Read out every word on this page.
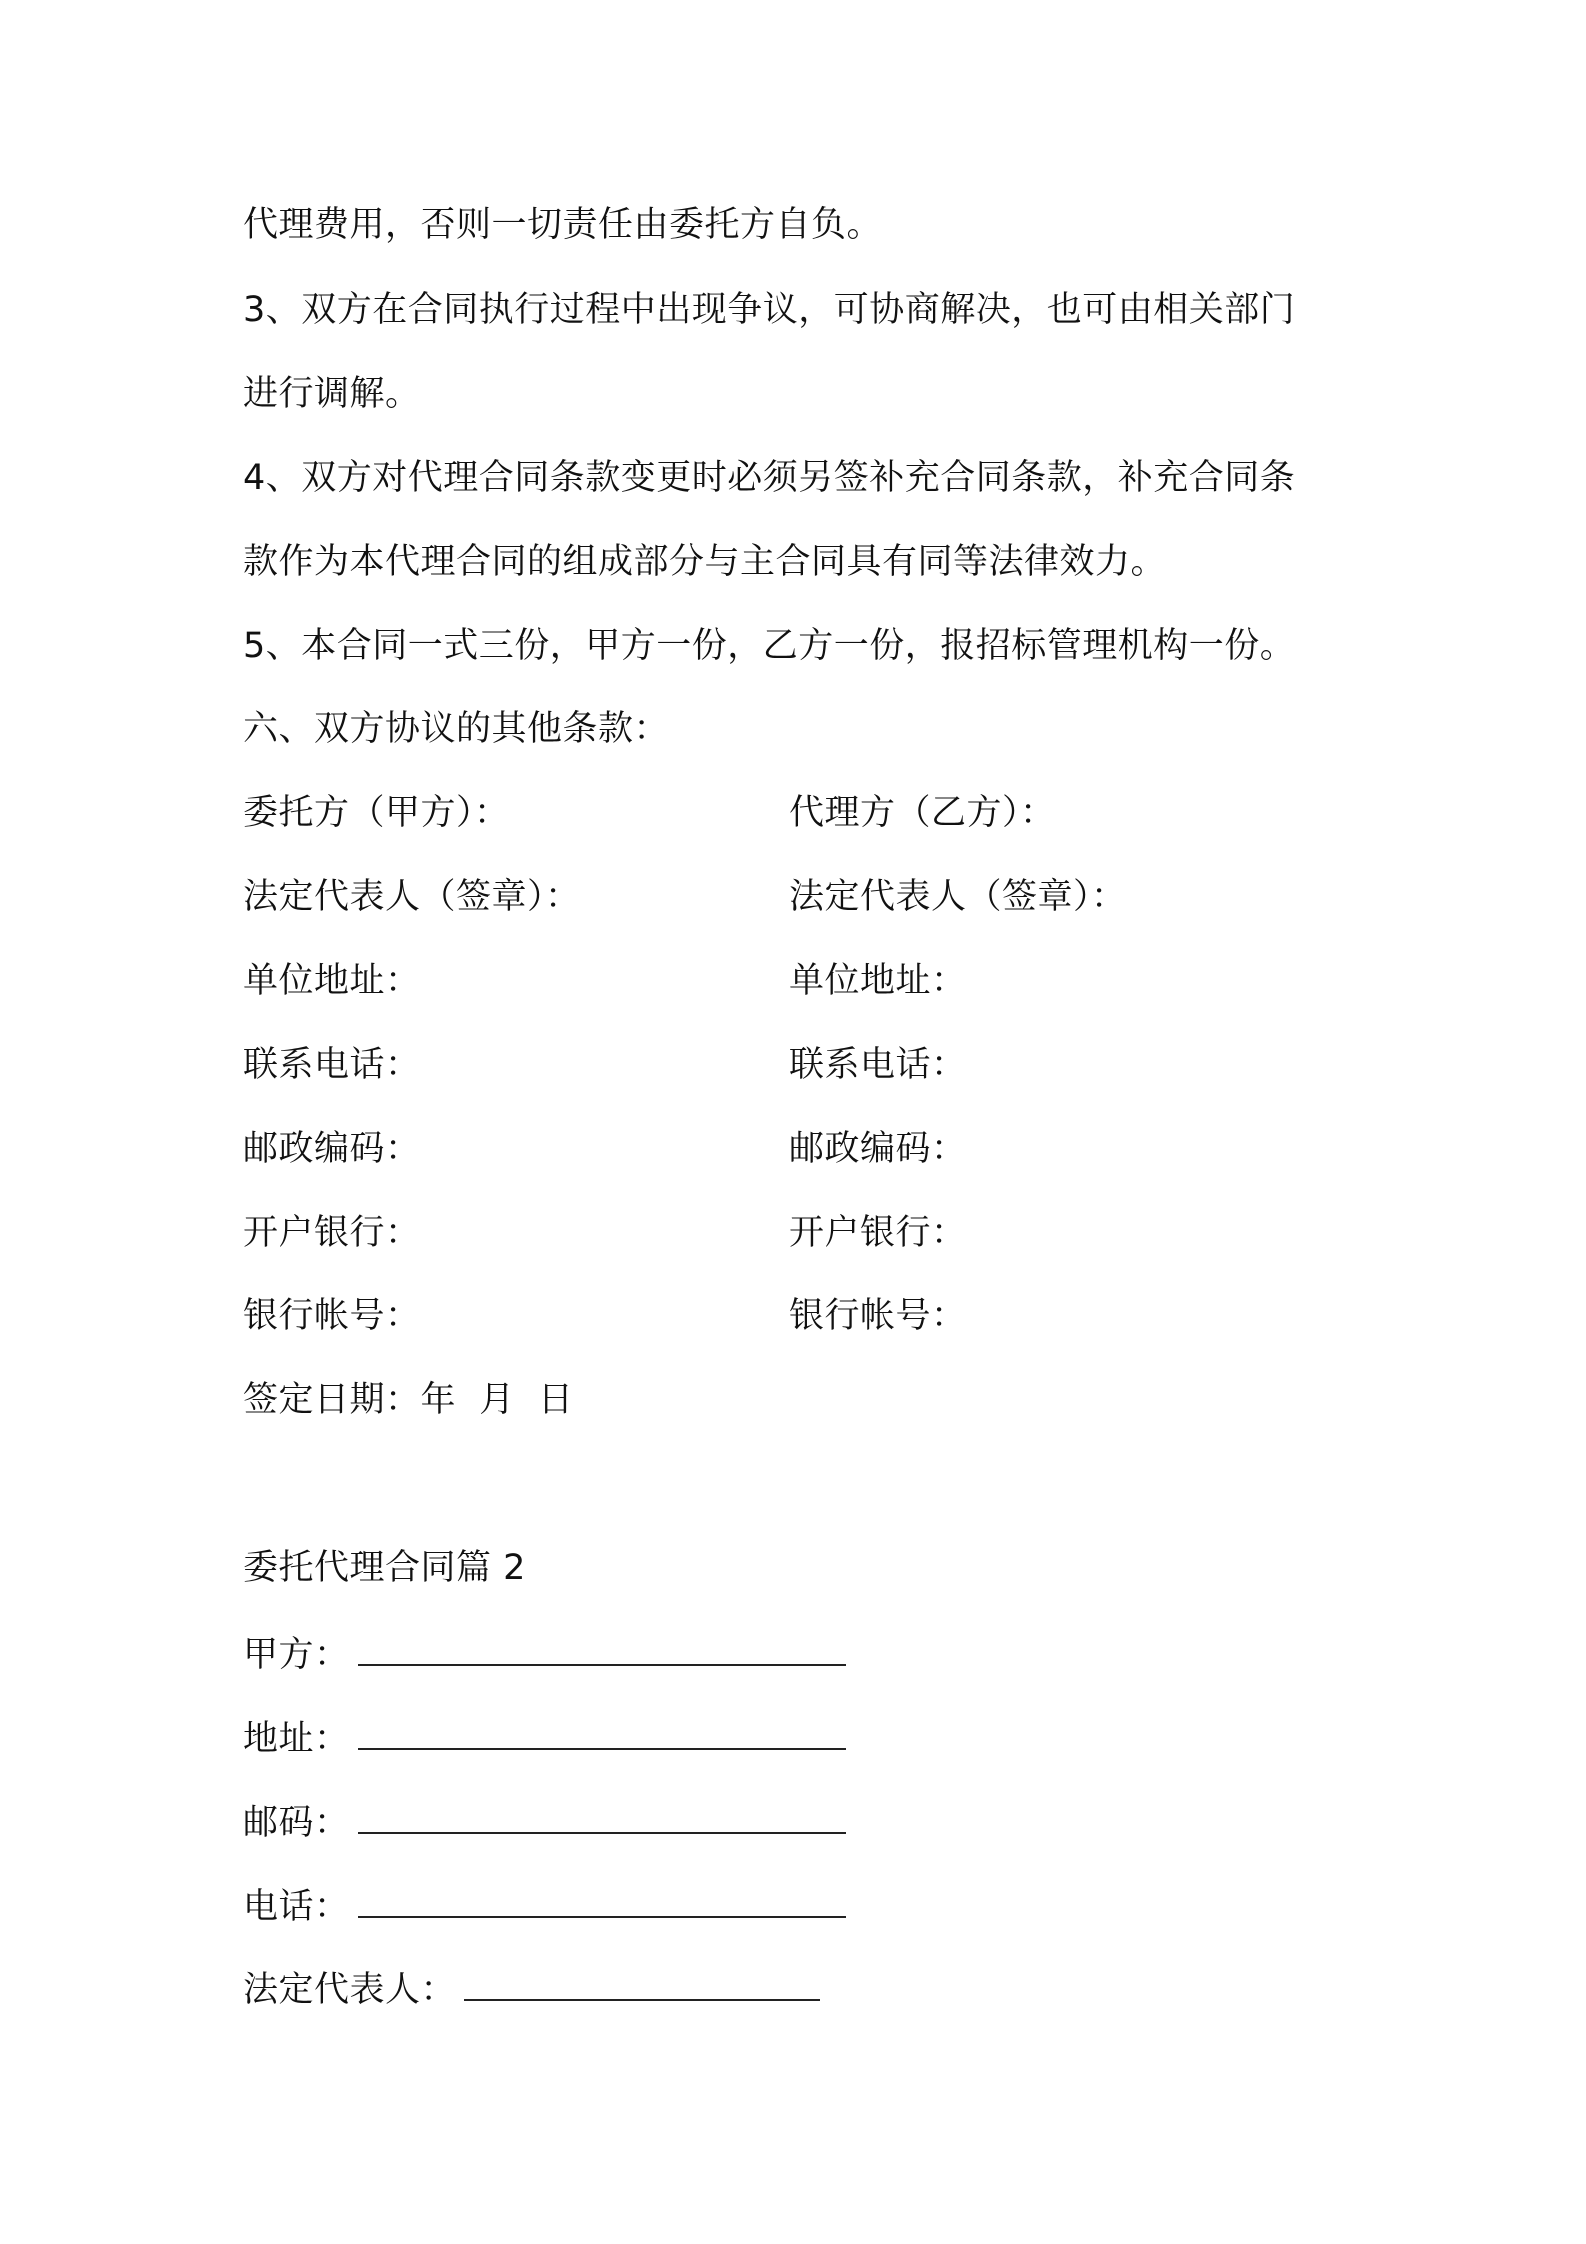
代理费用，否则一切责任由委托方自负。
3、双方在合同执行过程中出现争议，可协商解决，也可由相关部门
进行调解。
4、双方对代理合同条款变更时必须另签补充合同条款，补充合同条
款作为本代理合同的组成部分与主合同具有同等法律效力。
5、本合同一式三份，甲方一份，乙方一份，报招标管理机构一份。
六、双方协议的其他条款：
委托方（甲方）：	代理方（乙方）：
法定代表人（签章）：	法定代表人（签章）：
单位地址：	单位地址：
联系电话：	联系电话：
邮政编码：	邮政编码：
开户银行：	开户银行：
银行帐号：	银行帐号：
签定日期：年  月  日
委托代理合同篇 2
甲方：
地址：
邮码：
电话：
法定代表人：
